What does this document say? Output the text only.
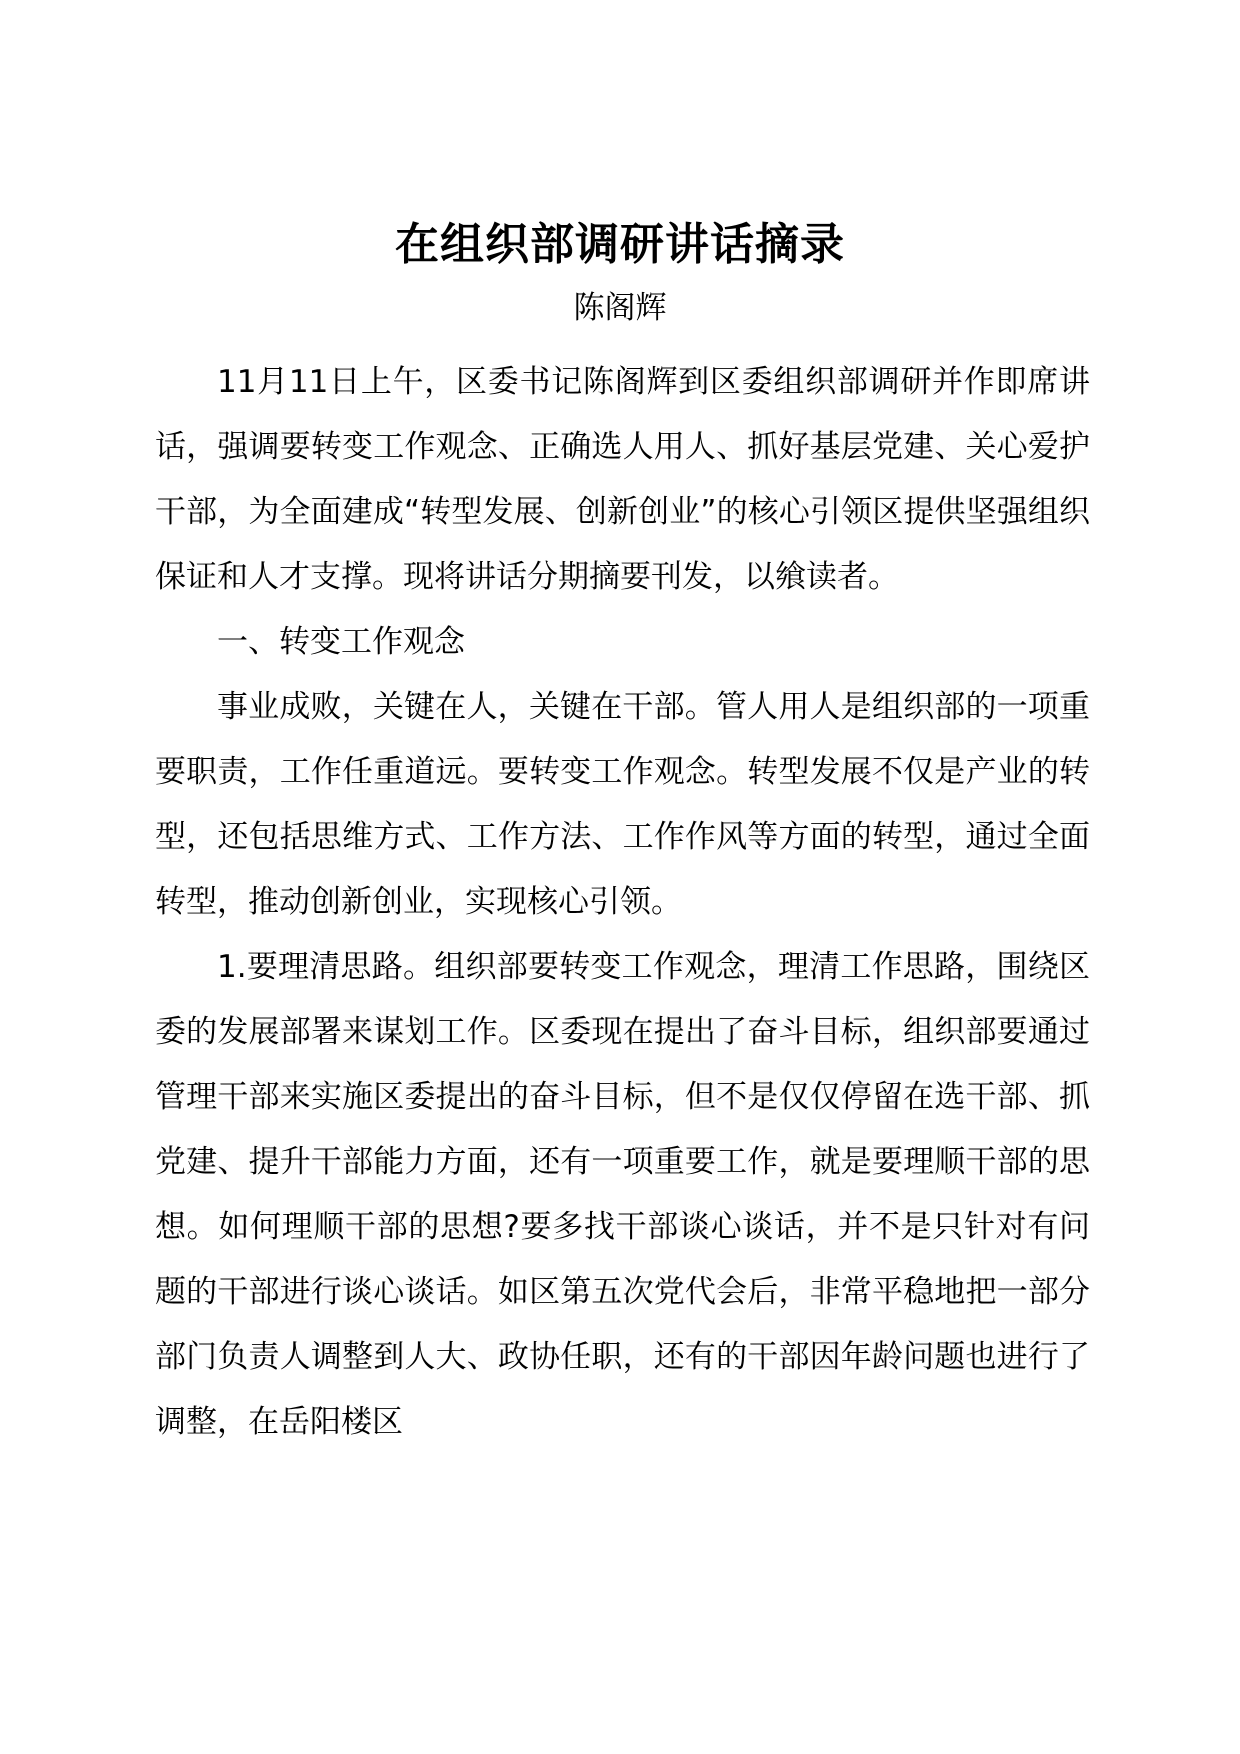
在组织部调研讲话摘录
陈阁辉

11月11日上午，区委书记陈阁辉到区委组织部调研并作即席讲话，强调要转变工作观念、正确选人用人、抓好基层党建、关心爱护干部，为全面建成“转型发展、创新创业”的核心引领区提供坚强组织保证和人才支撑。现将讲话分期摘要刊发，以飨读者。

一、转变工作观念

事业成败，关键在人，关键在干部。管人用人是组织部的一项重要职责，工作任重道远。要转变工作观念。转型发展不仅是产业的转型，还包括思维方式、工作方法、工作作风等方面的转型，通过全面转型，推动创新创业，实现核心引领。

1.要理清思路。组织部要转变工作观念，理清工作思路，围绕区委的发展部署来谋划工作。区委现在提出了奋斗目标，组织部要通过管理干部来实施区委提出的奋斗目标，但不是仅仅停留在选干部、抓党建、提升干部能力方面，还有一项重要工作，就是要理顺干部的思想。如何理顺干部的思想?要多找干部谈心谈话，并不是只针对有问题的干部进行谈心谈话。如区第五次党代会后，非常平稳地把一部分部门负责人调整到人大、政协任职，还有的干部因年龄问题也进行了调整，在岳阳楼区
